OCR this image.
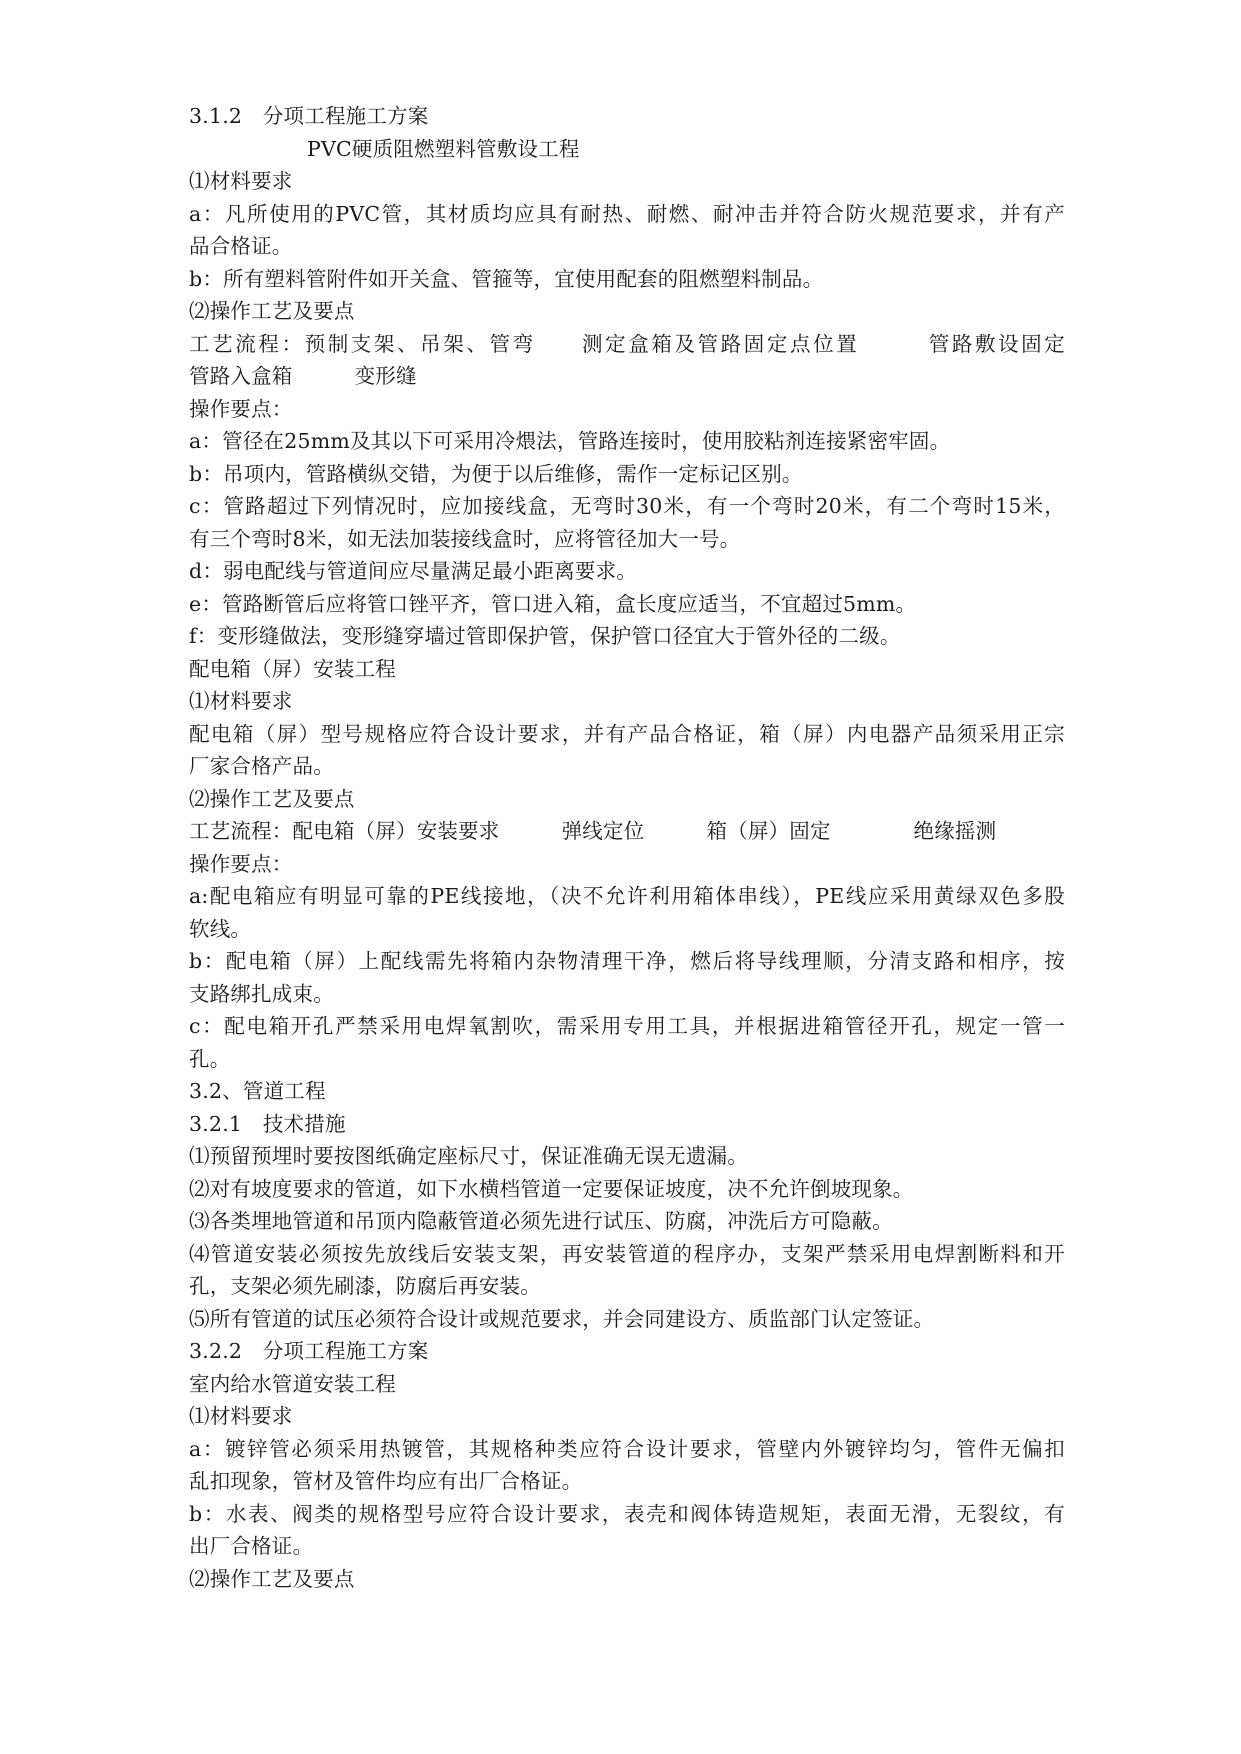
3.1.2　分项工程施工方案
PVC硬质阻燃塑料管敷设工程
⑴材料要求
a：凡所使用的PVC管，其材质均应具有耐热、耐燃、耐冲击并符合防火规范要求，并有产
品合格证。
b：所有塑料管附件如开关盒、管箍等，宜使用配套的阻燃塑料制品。
⑵操作工艺及要点
工艺流程：预制支架、吊架、管弯　　测定盒箱及管路固定点位置　　　管路敷设固定
管路入盒箱　　　变形缝
操作要点：
a：管径在25mm及其以下可采用冷煨法，管路连接时，使用胶粘剂连接紧密牢固。
b：吊项内，管路横纵交错，为便于以后维修，需作一定标记区别。
c：管路超过下列情况时，应加接线盒，无弯时30米，有一个弯时20米，有二个弯时15米，
有三个弯时8米，如无法加装接线盒时，应将管径加大一号。
d：弱电配线与管道间应尽量满足最小距离要求。
e：管路断管后应将管口锉平齐，管口进入箱，盒长度应适当，不宜超过5mm。
f：变形缝做法，变形缝穿墙过管即保护管，保护管口径宜大于管外径的二级。
配电箱（屏）安装工程
⑴材料要求
配电箱（屏）型号规格应符合设计要求，并有产品合格证，箱（屏）内电器产品须采用正宗
厂家合格产品。
⑵操作工艺及要点
工艺流程：配电箱（屏）安装要求　　　弹线定位　　　箱（屏）固定　　　　绝缘摇测
操作要点：
a:配电箱应有明显可靠的PE线接地，（决不允许利用箱体串线），PE线应采用黄绿双色多股
软线。
b：配电箱（屏）上配线需先将箱内杂物清理干净，燃后将导线理顺，分清支路和相序，按
支路绑扎成束。
c：配电箱开孔严禁采用电焊氧割吹，需采用专用工具，并根据进箱管径开孔，规定一管一
孔。
3.2、管道工程
3.2.1　技术措施
⑴预留预埋时要按图纸确定座标尺寸，保证准确无误无遗漏。
⑵对有坡度要求的管道，如下水横档管道一定要保证坡度，决不允许倒坡现象。
⑶各类埋地管道和吊顶内隐蔽管道必须先进行试压、防腐，冲洗后方可隐蔽。
⑷管道安装必须按先放线后安装支架，再安装管道的程序办，支架严禁采用电焊割断料和开
孔，支架必须先刷漆，防腐后再安装。
⑸所有管道的试压必须符合设计或规范要求，并会同建设方、质监部门认定签证。
3.2.2　分项工程施工方案
室内给水管道安装工程
⑴材料要求
a：镀锌管必须采用热镀管，其规格种类应符合设计要求，管壁内外镀锌均匀，管件无偏扣
乱扣现象，管材及管件均应有出厂合格证。
b：水表、阀类的规格型号应符合设计要求，表壳和阀体铸造规矩，表面无滑，无裂纹，有
出厂合格证。
⑵操作工艺及要点
